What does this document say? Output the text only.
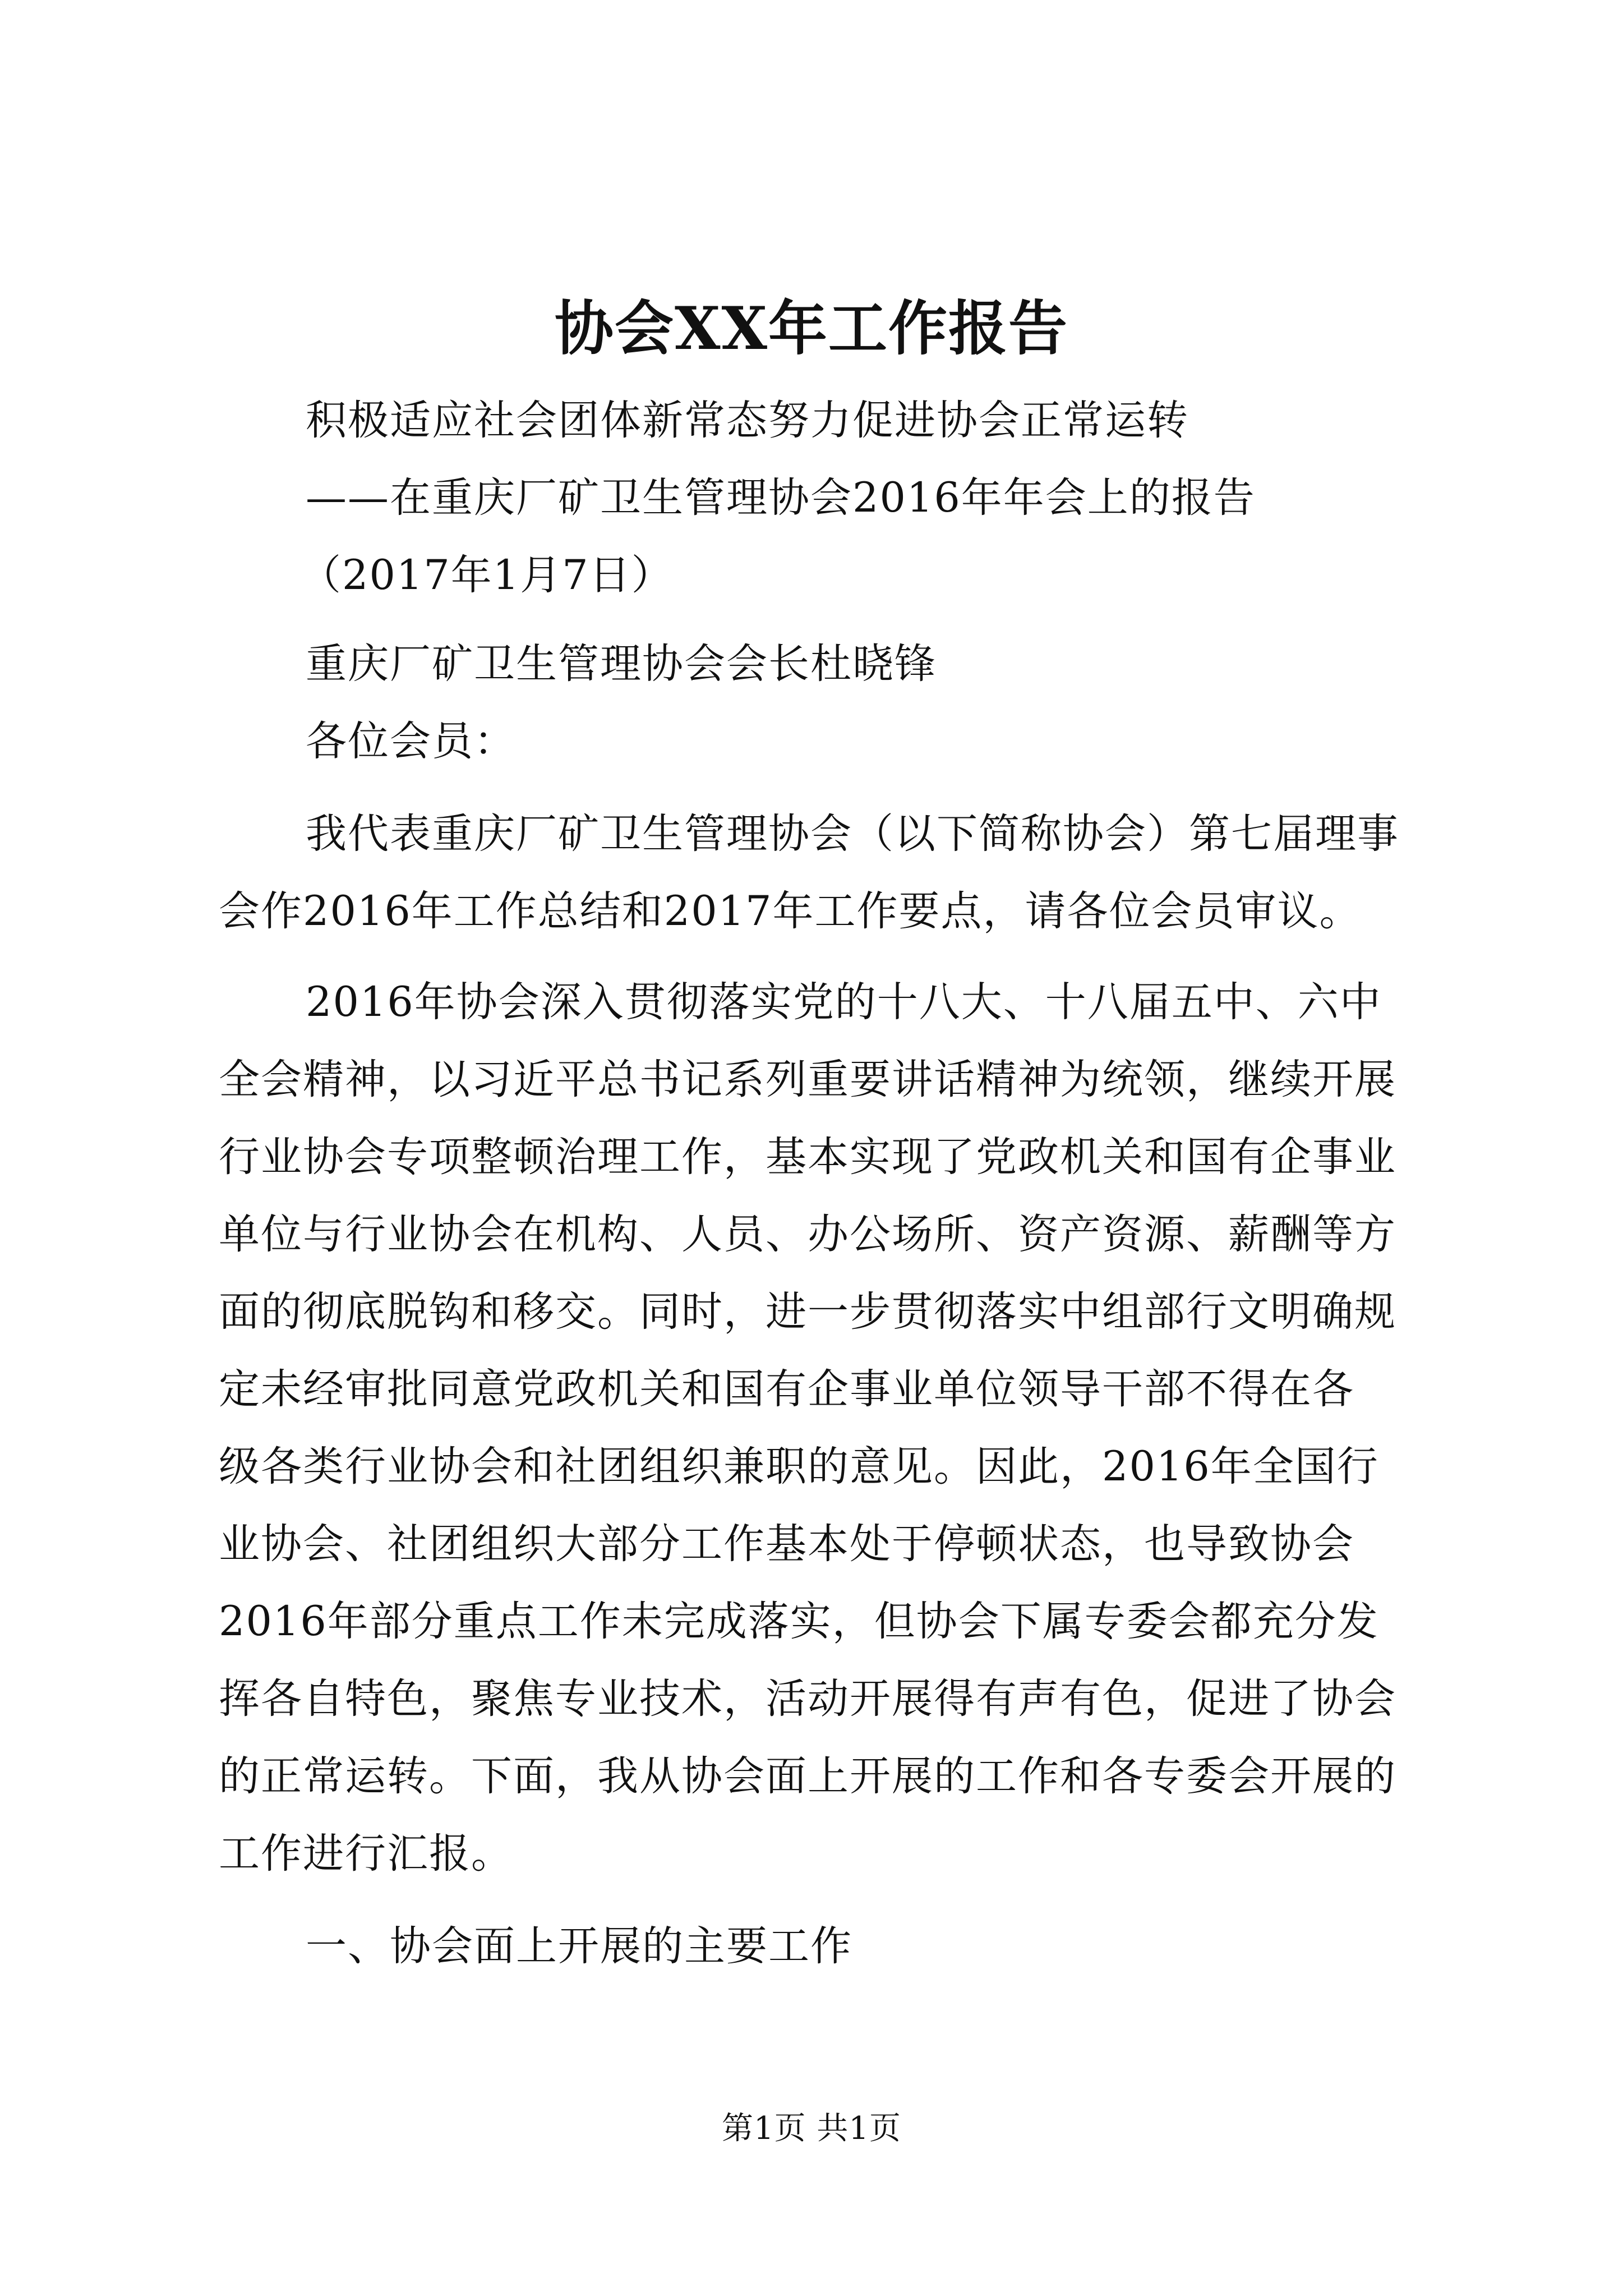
协会XX年工作报告
积极适应社会团体新常态努力促进协会正常运转
——在重庆厂矿卫生管理协会2016年年会上的报告
（2017年1月7日）
重庆厂矿卫生管理协会会长杜晓锋
各位会员：
我代表重庆厂矿卫生管理协会（以下简称协会）第七届理事
会作2016年工作总结和2017年工作要点，请各位会员审议。
2016年协会深入贯彻落实党的十八大、十八届五中、六中
全会精神，以习近平总书记系列重要讲话精神为统领，继续开展
行业协会专项整顿治理工作，基本实现了党政机关和国有企事业
单位与行业协会在机构、人员、办公场所、资产资源、薪酬等方
面的彻底脱钩和移交。同时，进一步贯彻落实中组部行文明确规
定未经审批同意党政机关和国有企事业单位领导干部不得在各
级各类行业协会和社团组织兼职的意见。因此，2016年全国行
业协会、社团组织大部分工作基本处于停顿状态，也导致协会
2016年部分重点工作未完成落实，但协会下属专委会都充分发
挥各自特色，聚焦专业技术，活动开展得有声有色，促进了协会
的正常运转。下面，我从协会面上开展的工作和各专委会开展的
工作进行汇报。
一、协会面上开展的主要工作
第1页 共1页
